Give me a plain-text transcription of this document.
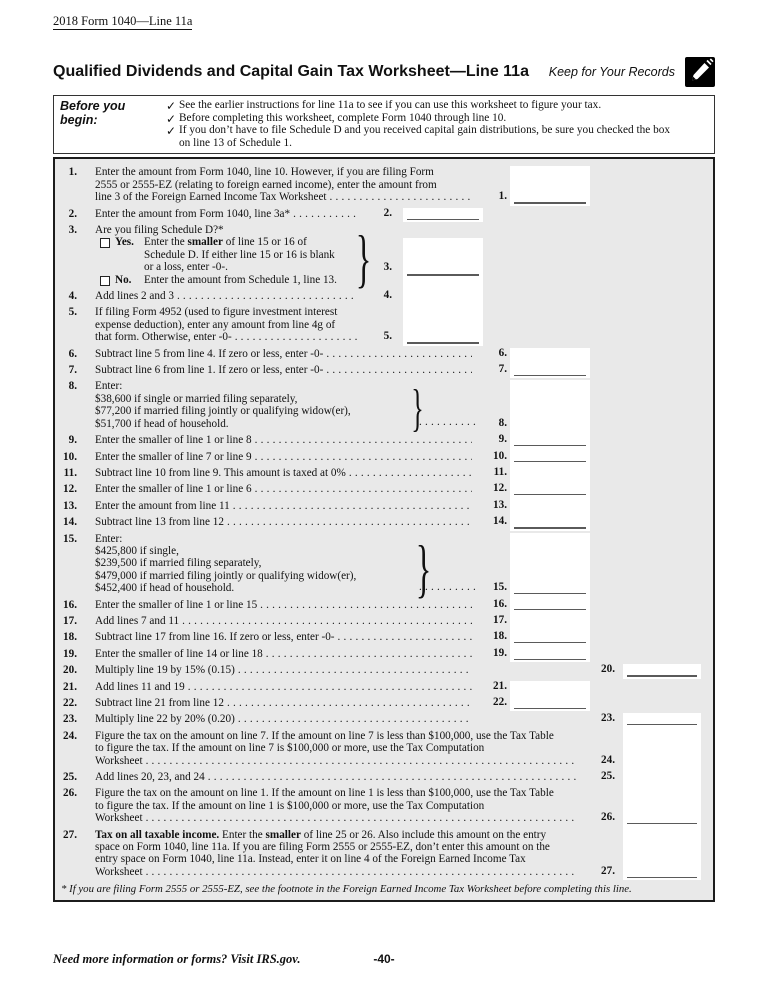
2018 Form 1040—Line 11a
Qualified Dividends and Capital Gain Tax Worksheet—Line 11a	Keep for Your Records
Before you begin:
✓ See the earlier instructions for line 11a to see if you can use this worksheet to figure your tax.
✓ Before completing this worksheet, complete Form 1040 through line 10.
✓ If you don’t have to file Schedule D and you received capital gain distributions, be sure you checked the box
on line 13 of Schedule 1.
1. Enter the amount from Form 1040, line 10. However, if you are filing Form
2555 or 2555-EZ (relating to foreign earned income), enter the amount from
line 3 of the Foreign Earned Income Tax Worksheet .....	1.
2. Enter the amount from Form 1040, line 3a* .....	2.
3. Are you filing Schedule D?*
Yes. Enter the smaller of line 15 or 16 of
Schedule D. If either line 15 or 16 is blank
or a loss, enter -0-.
No.	Enter the amount from Schedule 1, line 13. }	3.
4. Add lines 2 and 3 .....	4.
5. If filing Form 4952 (used to figure investment interest
expense deduction), enter any amount from line 4g of
that form. Otherwise, enter -0- .....	5.
6. Subtract line 5 from line 4. If zero or less, enter -0- .....	6.
7. Subtract line 6 from line 1. If zero or less, enter -0- .....	7.
8. Enter:
$38,600 if single or married filing separately,
$77,200 if married filing jointly or qualifying widow(er),
$51,700 if head of household.	} .....	8.
9. Enter the smaller of line 1 or line 8 .....	9.
10. Enter the smaller of line 7 or line 9 .....	10.
11. Subtract line 10 from line 9. This amount is taxed at 0% .....	11.
12. Enter the smaller of line 1 or line 6 .....	12.
13. Enter the amount from line 11 .....	13.
14. Subtract line 13 from line 12 .....	14.
15. Enter:
$425,800 if single,
$239,500 if married filing separately,
$479,000 if married filing jointly or qualifying widow(er),
$452,400 if head of household.	} .....	15.
16. Enter the smaller of line 1 or line 15 .....	16.
17. Add lines 7 and 11 .....	17.
18. Subtract line 17 from line 16. If zero or less, enter -0- .....	18.
19. Enter the smaller of line 14 or line 18 .....	19.
20. Multiply line 19 by 15% (0.15) .....	20.
21. Add lines 11 and 19 .....	21.
22. Subtract line 21 from line 12 .....	22.
23. Multiply line 22 by 20% (0.20) .....	23.
24. Figure the tax on the amount on line 7. If the amount on line 7 is less than $100,000, use the Tax Table
to figure the tax. If the amount on line 7 is $100,000 or more, use the Tax Computation
Worksheet .....	24.
25. Add lines 20, 23, and 24 .....	25.
26. Figure the tax on the amount on line 1. If the amount on line 1 is less than $100,000, use the Tax Table
to figure the tax. If the amount on line 1 is $100,000 or more, use the Tax Computation
Worksheet .....	26.
27. Tax on all taxable income. Enter the smaller of line 25 or 26. Also include this amount on the entry
space on Form 1040, line 11a. If you are filing Form 2555 or 2555-EZ, don’t enter this amount on the
entry space on Form 1040, line 11a. Instead, enter it on line 4 of the Foreign Earned Income Tax
Worksheet .....	27.
* If you are filing Form 2555 or 2555-EZ, see the footnote in the Foreign Earned Income Tax Worksheet before completing this line.
Need more information or forms? Visit IRS.gov.	-40-
